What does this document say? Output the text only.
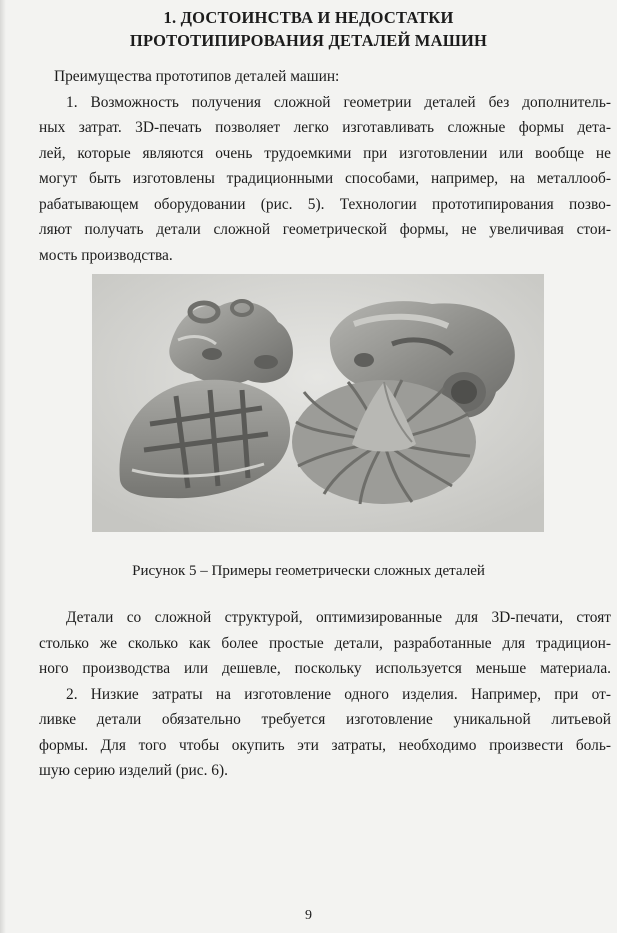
1. ДОСТОИНСТВА И НЕДОСТАТКИ
ПРОТОТИПИРОВАНИЯ ДЕТАЛЕЙ МАШИН
Преимущества прототипов деталей машин:
1. Возможность получения сложной геометрии деталей без дополнитель-
ных затрат. 3D-печать позволяет легко изготавливать сложные формы дета-
лей, которые являются очень трудоемкими при изготовлении или вообще не
могут быть изготовлены традиционными способами, например, на металлооб-
рабатывающем оборудовании (рис. 5). Технологии прототипирования позво-
ляют получать детали сложной геометрической формы, не увеличивая стои-
мость производства.
Рисунок 5 – Примеры геометрически сложных деталей
Детали со сложной структурой, оптимизированные для 3D-печати, стоят
столько же сколько как более простые детали, разработанные для традицион-
ного производства или дешевле, поскольку используется меньше материала.
2. Низкие затраты на изготовление одного изделия. Например, при от-
ливке детали обязательно требуется изготовление уникальной литьевой
формы. Для того чтобы окупить эти затраты, необходимо произвести боль-
шую серию изделий (рис. 6).
9
